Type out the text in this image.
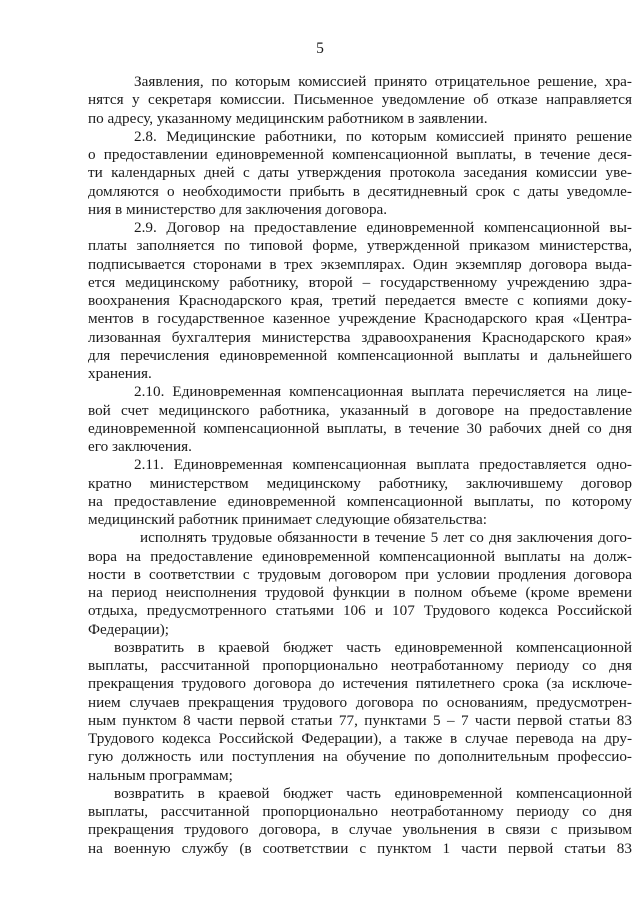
5
Заявления, по которым комиссией принято отрицательное решение, хра-
нятся у секретаря комиссии. Письменное уведомление об отказе направляется
по адресу, указанному медицинским работником в заявлении.
2.8. Медицинские работники, по которым комиссией принято решение
о предоставлении единовременной компенсационной выплаты, в течение деся-
ти календарных дней с даты утверждения протокола заседания комиссии уве-
домляются о необходимости прибыть в десятидневный срок с даты уведомле-
ния в министерство для заключения договора.
2.9. Договор на предоставление единовременной компенсационной вы-
платы заполняется по типовой форме, утвержденной приказом министерства,
подписывается сторонами в трех экземплярах. Один экземпляр договора выда-
ется медицинскому работнику, второй – государственному учреждению здра-
воохранения Краснодарского края, третий передается вместе с копиями доку-
ментов в государственное казенное учреждение Краснодарского края «Центра-
лизованная бухгалтерия министерства здравоохранения Краснодарского края»
для перечисления единовременной компенсационной выплаты и дальнейшего
хранения.
2.10. Единовременная компенсационная выплата перечисляется на лице-
вой счет медицинского работника, указанный в договоре на предоставление
единовременной компенсационной выплаты, в течение 30 рабочих дней со дня
его заключения.
2.11. Единовременная компенсационная выплата предоставляется одно-
кратно министерством медицинскому работнику, заключившему договор
на предоставление единовременной компенсационной выплаты, по которому
медицинский работник принимает следующие обязательства:
исполнять трудовые обязанности в течение 5 лет со дня заключения дого-
вора на предоставление единовременной компенсационной выплаты на долж-
ности в соответствии с трудовым договором при условии продления договора
на период неисполнения трудовой функции в полном объеме (кроме времени
отдыха, предусмотренного статьями 106 и 107 Трудового кодекса Российской
Федерации);
возвратить в краевой бюджет часть единовременной компенсационной
выплаты, рассчитанной пропорционально неотработанному периоду со дня
прекращения трудового договора до истечения пятилетнего срока (за исключе-
нием случаев прекращения трудового договора по основаниям, предусмотрен-
ным пунктом 8 части первой статьи 77, пунктами 5 – 7 части первой статьи 83
Трудового кодекса Российской Федерации), а также в случае перевода на дру-
гую должность или поступления на обучение по дополнительным профессио-
нальным программам;
возвратить в краевой бюджет часть единовременной компенсационной
выплаты, рассчитанной пропорционально неотработанному периоду со дня
прекращения трудового договора, в случае увольнения в связи с призывом
на военную службу (в соответствии с пунктом 1 части первой статьи 83
